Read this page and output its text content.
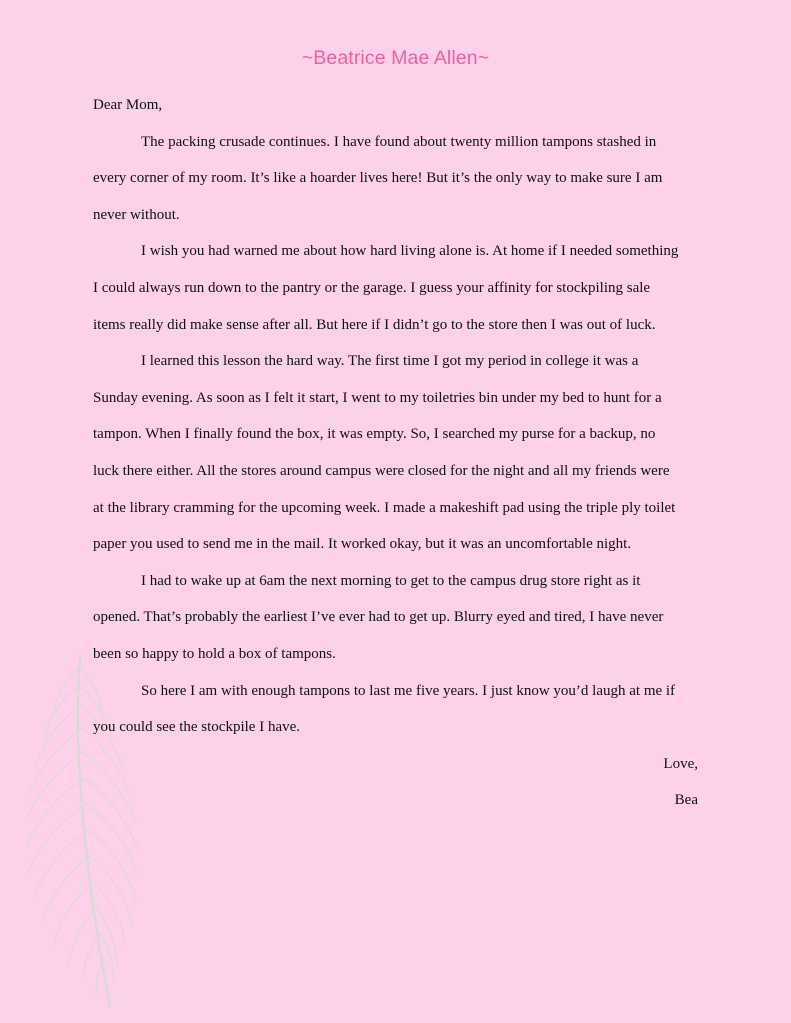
~Beatrice Mae Allen~

Dear Mom,

The packing crusade continues. I have found about twenty million tampons stashed in
every corner of my room. It’s like a hoarder lives here! But it’s the only way to make sure I am
never without.

I wish you had warned me about how hard living alone is. At home if I needed something
I could always run down to the pantry or the garage. I guess your affinity for stockpiling sale
items really did make sense after all. But here if I didn’t go to the store then I was out of luck.

I learned this lesson the hard way. The first time I got my period in college it was a
Sunday evening. As soon as I felt it start, I went to my toiletries bin under my bed to hunt for a
tampon. When I finally found the box, it was empty. So, I searched my purse for a backup, no
luck there either. All the stores around campus were closed for the night and all my friends were
at the library cramming for the upcoming week. I made a makeshift pad using the triple ply toilet
paper you used to send me in the mail. It worked okay, but it was an uncomfortable night.

I had to wake up at 6am the next morning to get to the campus drug store right as it
opened. That’s probably the earliest I’ve ever had to get up. Blurry eyed and tired, I have never
been so happy to hold a box of tampons.

So here I am with enough tampons to last me five years. I just know you’d laugh at me if
you could see the stockpile I have.

Love,

Bea
